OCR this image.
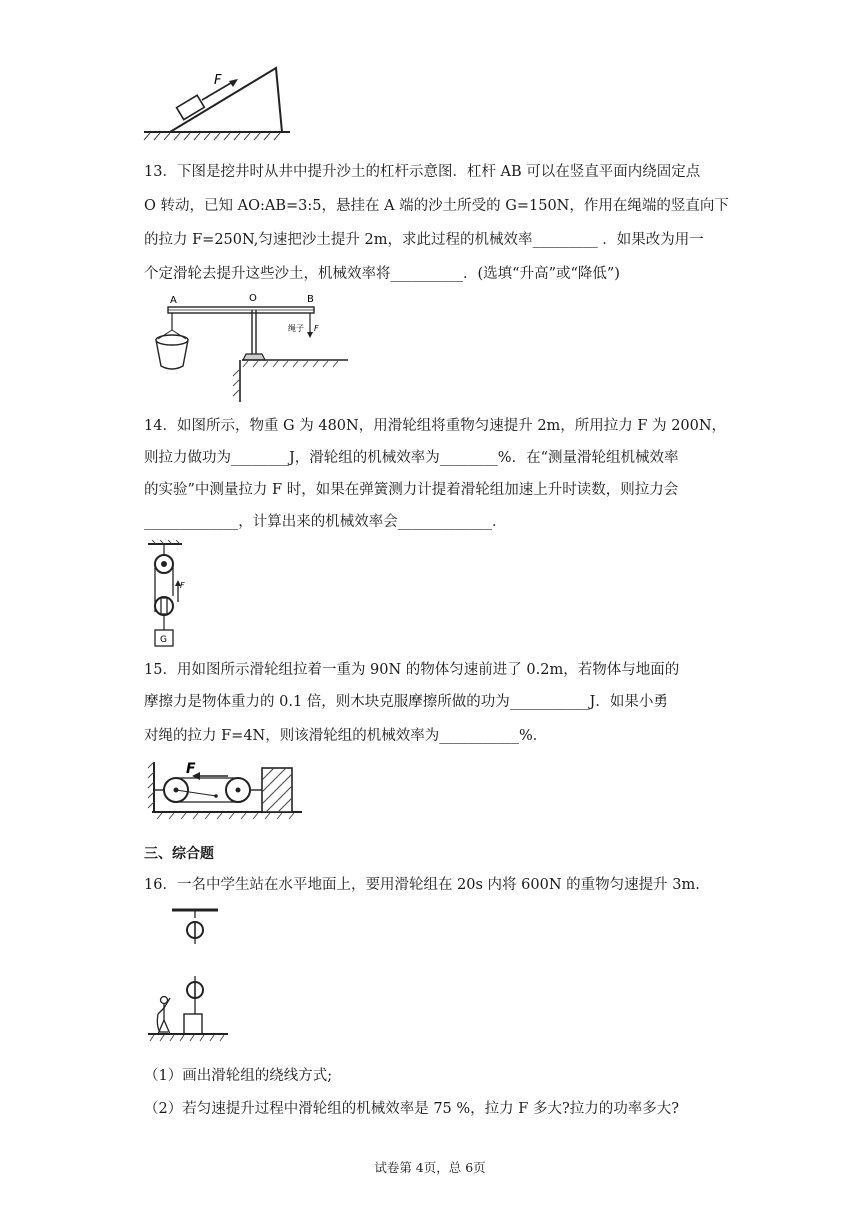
F
13．下图是挖井时从井中提升沙土的杠杆示意图．杠杆 AB 可以在竖直平面内绕固定点
O 转动，已知 AO:AB=3:5，悬挂在 A 端的沙土所受的 G=150N，作用在绳端的竖直向下
的拉力 F=250N,匀速把沙土提升 2m，求此过程的机械效率_________ ．如果改为用一
个定滑轮去提升这些沙土，机械效率将__________．(选填“升高”或“降低”)
A	O	B
绳子 F
14．如图所示，物重 G 为 480N，用滑轮组将重物匀速提升 2m，所用拉力 F 为 200N，
则拉力做功为________J，滑轮组的机械效率为________%．在“测量滑轮组机械效率
的实验”中测量拉力 F 时，如果在弹簧测力计提着滑轮组加速上升时读数，则拉力会
_____________，计算出来的机械效率会_____________．
F
G
15．用如图所示滑轮组拉着一重为 90N 的物体匀速前进了 0.2m，若物体与地面的
摩擦力是物体重力的 0.1 倍，则木块克服摩擦所做的功为___________J．如果小勇
对绳的拉力 F=4N，则该滑轮组的机械效率为___________%．
F
三、综合题
16．一名中学生站在水平地面上，要用滑轮组在 20s 内将 600N 的重物匀速提升 3m.
（1）画出滑轮组的绕线方式;
（2）若匀速提升过程中滑轮组的机械效率是 75 %，拉力 F 多大?拉力的功率多大?
试卷第 4页，总 6页
